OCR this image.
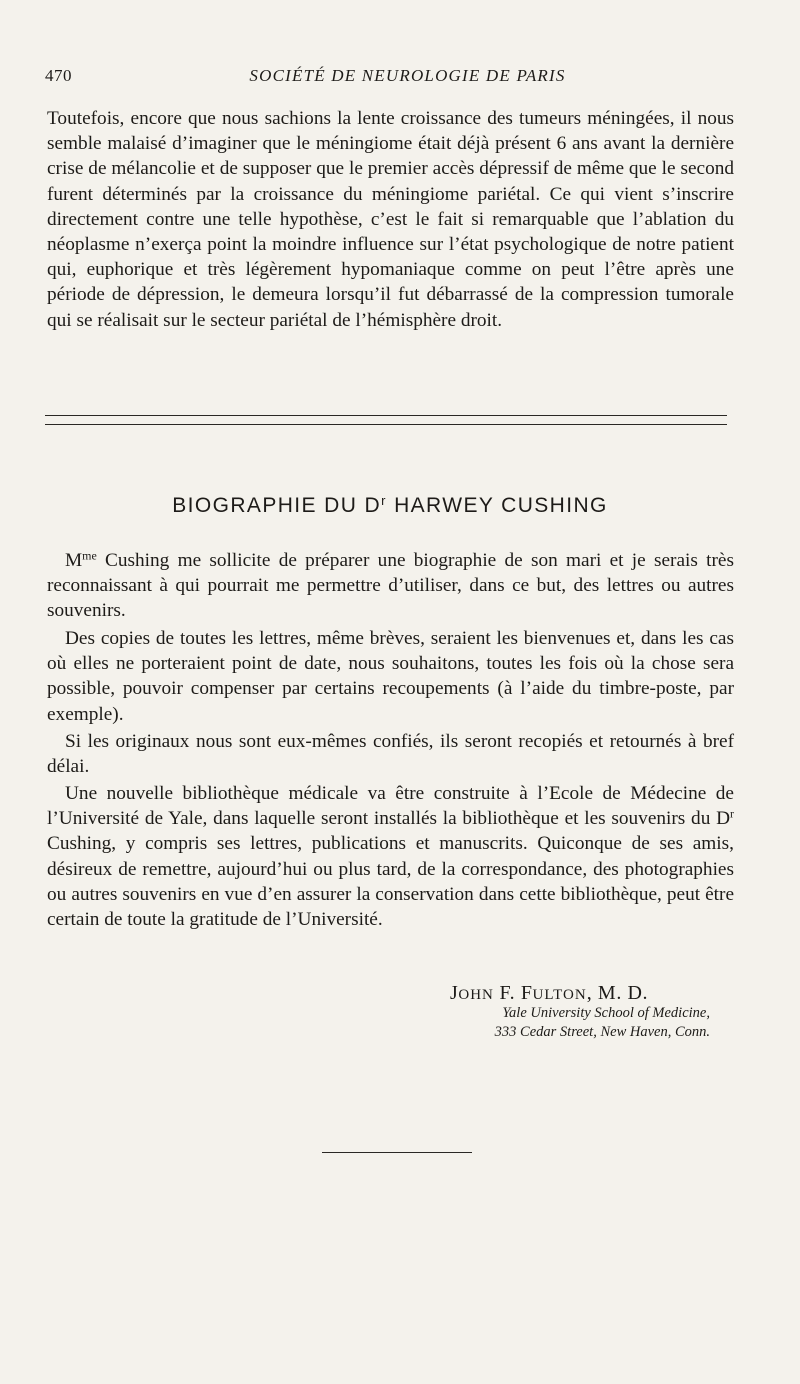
470	SOCIÉTÉ DE NEUROLOGIE DE PARIS

Toutefois, encore que nous sachions la lente croissance des tumeurs méningées, il nous semble malaisé d’imaginer que le méningiome était déjà présent 6 ans avant la dernière crise de mélancolie et de supposer que le premier accès dépressif de même que le second furent déterminés par la croissance du méningiome pariétal. Ce qui vient s’inscrire directement contre une telle hypothèse, c’est le fait si remarquable que l’ablation du néoplasme n’exerça point la moindre influence sur l’état psychologique de notre patient qui, euphorique et très légèrement hypomaniaque comme on peut l’être après une période de dépression, le demeura lorsqu’il fut débarrassé de la compression tumorale qui se réalisait sur le secteur pariétal de l’hémisphère droit.

BIOGRAPHIE DU $D^r$ HARWEY CUSHING

$M^{me}$ Cushing me sollicite de préparer une biographie de son mari et je serais très reconnaissant à qui pourrait me permettre d’utiliser, dans ce but, des lettres ou autres souvenirs.

Des copies de toutes les lettres, même brèves, seraient les bienvenues et, dans les cas où elles ne porteraient point de date, nous souhaitons, toutes les fois où la chose sera possible, pouvoir compenser par certains recoupements (à l’aide du timbre-poste, par exemple).

Si les originaux nous sont eux-mêmes confiés, ils seront recopiés et retournés à bref délai.

Une nouvelle bibliothèque médicale va être construite à l’Ecole de Médecine de l’Université de Yale, dans laquelle seront installés la bibliothèque et les souvenirs du $D^r$ Cushing, y compris ses lettres, publications et manuscrits. Quiconque de ses amis, désireux de remettre, aujourd’hui ou plus tard, de la correspondance, des photographies ou autres souvenirs en vue d’en assurer la conservation dans cette bibliothèque, peut être certain de toute la gratitude de l’Université.

JOHN F. FULTON, M. D.
Yale University School of Medicine,
333 Cedar Street, New Haven, Conn.
